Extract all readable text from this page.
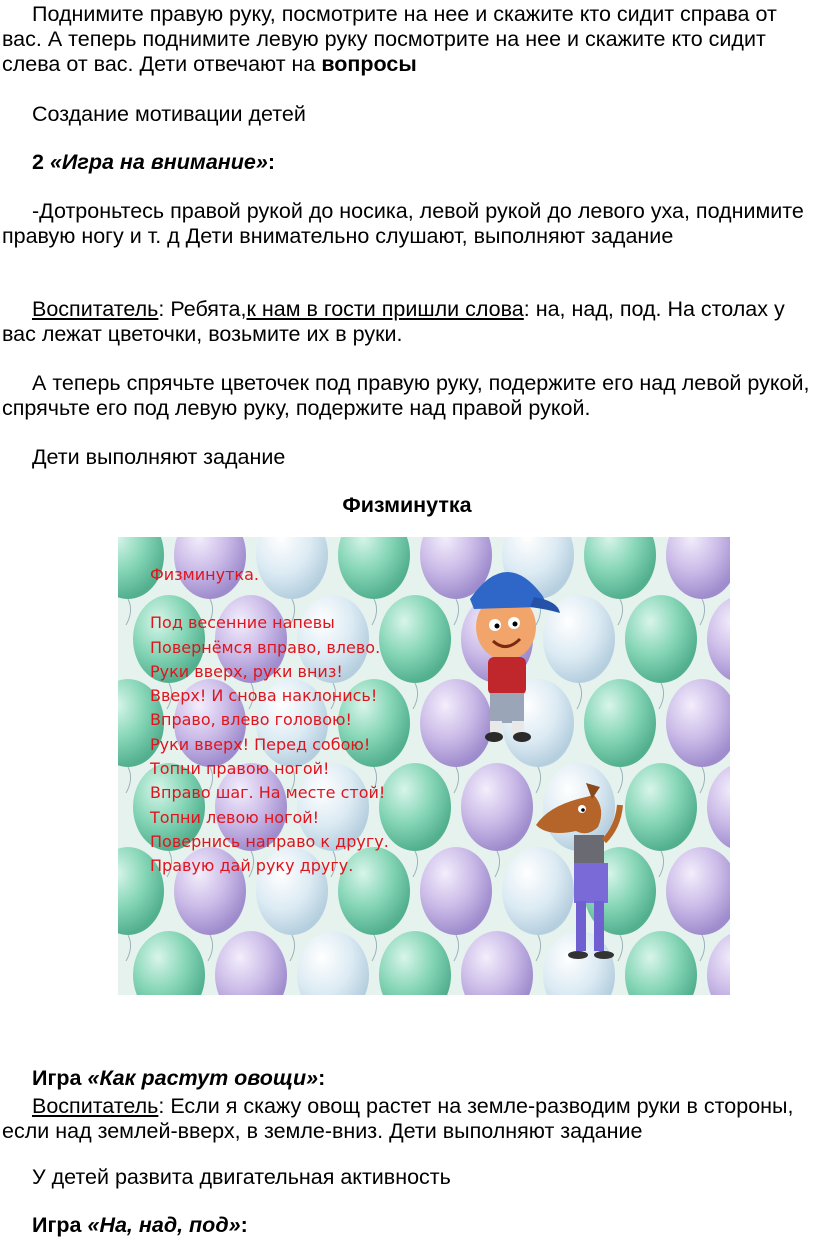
Поднимите правую руку, посмотрите на нее и скажите кто сидит справа от вас. А теперь поднимите левую руку посмотрите на нее и скажите кто сидит слева от вас. Дети отвечают на вопросы

Создание мотивации детей

2 «Игра на внимание»:

-Дотроньтесь правой рукой до носика, левой рукой до левого уха, поднимите правую ногу и т. д Дети внимательно слушают, выполняют задание

Воспитатель: Ребята,к нам в гости пришли слова: на, над, под. На столах у вас лежат цветочки, возьмите их в руки.

А теперь спрячьте цветочек под правую руку, подержите его над левой рукой, спрячьте его под левую руку, подержите над правой рукой.

Дети выполняют задание

Физминутка

Физминутка.
Под весенние напевы
Повернёмся вправо, влево.
Руки вверх, руки вниз!
Вверх! И снова наклонись!
Вправо, влево головою!
Руки вверх! Перед собою!
Топни правою ногой!
Вправо шаг. На месте стой!
Топни левою ногой!
Повернись направо к другу.
Правую дай руку другу.

Игра «Как растут овощи»:

Воспитатель: Если я скажу овощ растет на земле-разводим руки в стороны, если над землей-вверх, в земле-вниз. Дети выполняют задание

У детей развита двигательная активность

Игра «На, над, под»:
